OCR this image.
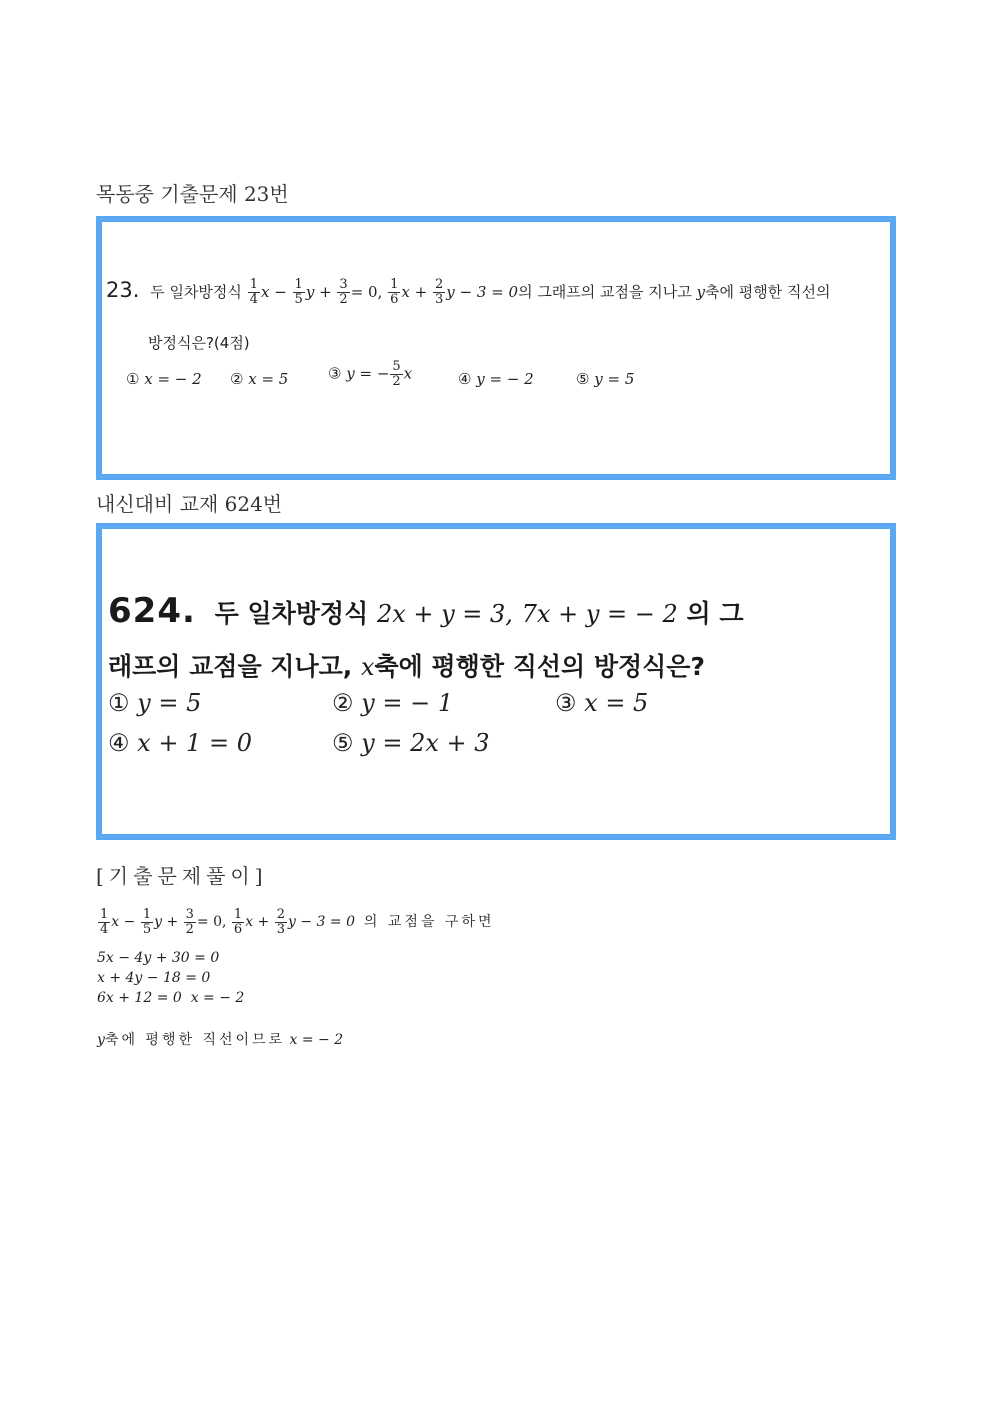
목동중 기출문제 23번
23. 두 일차방정식 $\frac{1}{4}$ $x - \frac{1}{5}$ $y + \frac{3}{2} = 0$, $\frac{1}{6}$ $x + \frac{2}{3}$ y − 3 = 0의 그래프의 교점을 지나고 y축에 평행한 직선의
방정식은?(4점)
① x = − 2 ② x = 5	③ y = − $\frac{5}{2}$ x	④ y = − 2	⑤ y = 5
내신대비 교재 624번
624. 두 일차방정식 2x + y = 3, 7x + y = − 2 의 그
래프의 교점을 지나고, x축에 평행한 직선의 방정식은?
① y = 5	② y = − 1	③ x = 5
④ x + 1 = 0	⑤ y = 2x + 3
[기출문제풀이]
$\frac{1}{4}$ $x - \frac{1}{5}$ $y + \frac{3}{2} = 0$, $\frac{1}{6}$ $x + \frac{2}{3}$ y − 3 = 0 의 교점을 구하면
5x − 4y + 30 = 0
x + 4y − 18 = 0
6x + 12 = 0 x = − 2
y축에 평행한 직선이므로 x = − 2
